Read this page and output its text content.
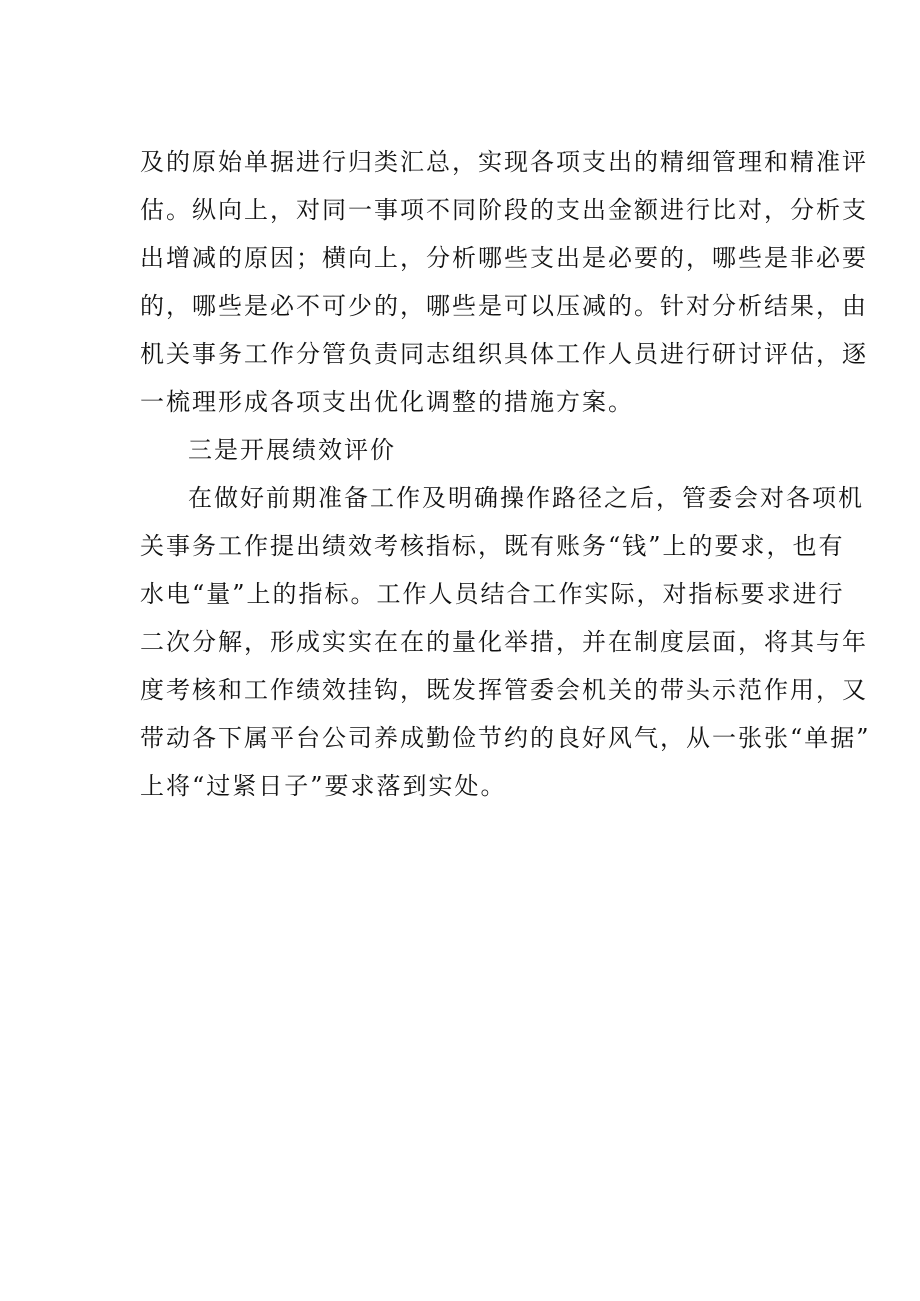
及的原始单据进行归类汇总，实现各项支出的精细管理和精准评
估。纵向上，对同一事项不同阶段的支出金额进行比对，分析支
出增减的原因；横向上，分析哪些支出是必要的，哪些是非必要
的，哪些是必不可少的，哪些是可以压减的。针对分析结果，由
机关事务工作分管负责同志组织具体工作人员进行研讨评估，逐
一梳理形成各项支出优化调整的措施方案。
三是开展绩效评价
在做好前期准备工作及明确操作路径之后，管委会对各项机
关事务工作提出绩效考核指标，既有账务“钱”上的要求，也有
水电“量”上的指标。工作人员结合工作实际，对指标要求进行
二次分解，形成实实在在的量化举措，并在制度层面，将其与年
度考核和工作绩效挂钩，既发挥管委会机关的带头示范作用，又
带动各下属平台公司养成勤俭节约的良好风气，从一张张“单据”
上将“过紧日子”要求落到实处。
